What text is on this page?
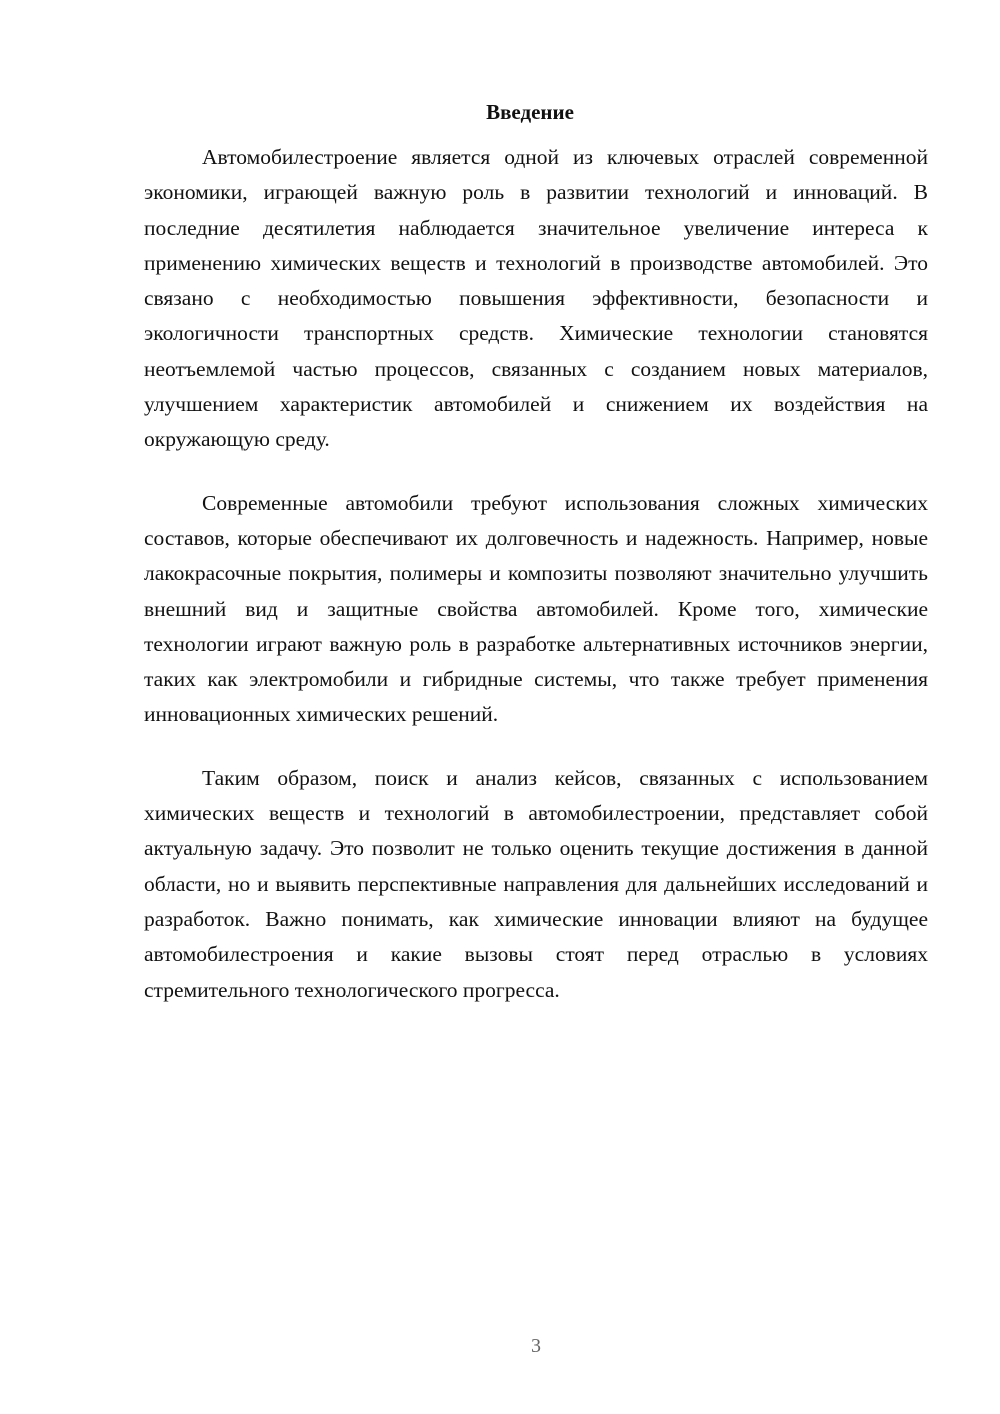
Введение

Автомобилестроение является одной из ключевых отраслей современной экономики, играющей важную роль в развитии технологий и инноваций. В последние десятилетия наблюдается значительное увеличение интереса к применению химических веществ и технологий в производстве автомобилей. Это связано с необходимостью повышения эффективности, безопасности и экологичности транспортных средств. Химические технологии становятся неотъемлемой частью процессов, связанных с созданием новых материалов, улучшением характеристик автомобилей и снижением их воздействия на окружающую среду.

Современные автомобили требуют использования сложных химических составов, которые обеспечивают их долговечность и надежность. Например, новые лакокрасочные покрытия, полимеры и композиты позволяют значительно улучшить внешний вид и защитные свойства автомобилей. Кроме того, химические технологии играют важную роль в разработке альтернативных источников энергии, таких как электромобили и гибридные системы, что также требует применения инновационных химических решений.

Таким образом, поиск и анализ кейсов, связанных с использованием химических веществ и технологий в автомобилестроении, представляет собой актуальную задачу. Это позволит не только оценить текущие достижения в данной области, но и выявить перспективные направления для дальнейших исследований и разработок. Важно понимать, как химические инновации влияют на будущее автомобилестроения и какие вызовы стоят перед отраслью в условиях стремительного технологического прогресса.

3
